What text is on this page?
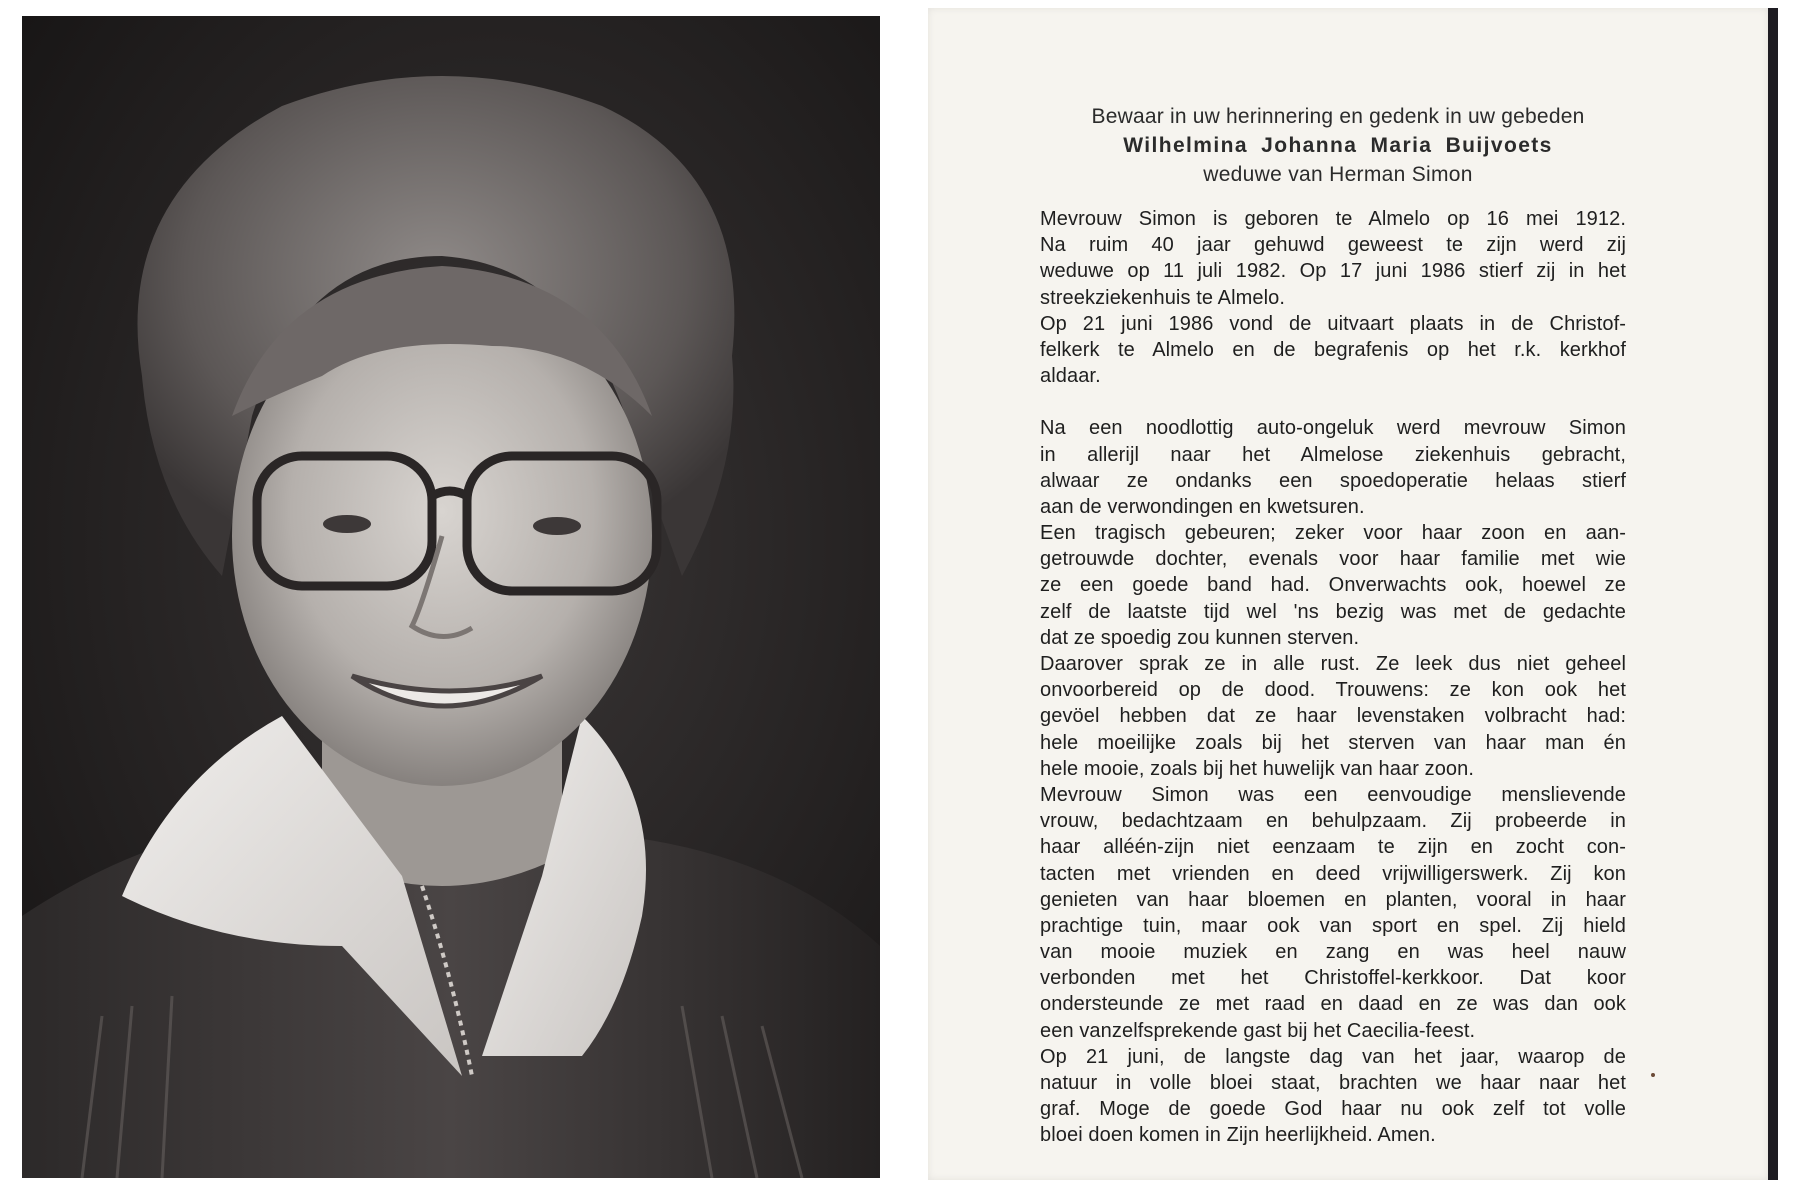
Bewaar in uw herinnering en gedenk in uw gebeden
Wilhelmina Johanna Maria Buijvoets
weduwe van Herman Simon
Mevrouw Simon is geboren te Almelo op 16 mei 1912.
Na ruim 40 jaar gehuwd geweest te zijn werd zij
weduwe op 11 juli 1982. Op 17 juni 1986 stierf zij in het
streekziekenhuis te Almelo.
Op 21 juni 1986 vond de uitvaart plaats in de Christof-
felkerk te Almelo en de begrafenis op het r.k. kerkhof
aldaar.
Na een noodlottig auto-ongeluk werd mevrouw Simon
in allerijl naar het Almelose ziekenhuis gebracht,
alwaar ze ondanks een spoedoperatie helaas stierf
aan de verwondingen en kwetsuren.
Een tragisch gebeuren; zeker voor haar zoon en aan-
getrouwde dochter, evenals voor haar familie met wie
ze een goede band had. Onverwachts ook, hoewel ze
zelf de laatste tijd wel 'ns bezig was met de gedachte
dat ze spoedig zou kunnen sterven.
Daarover sprak ze in alle rust. Ze leek dus niet geheel
onvoorbereid op de dood. Trouwens: ze kon ook het
gevöel hebben dat ze haar levenstaken volbracht had:
hele moeilijke zoals bij het sterven van haar man én
hele mooie, zoals bij het huwelijk van haar zoon.
Mevrouw Simon was een eenvoudige menslievende
vrouw, bedachtzaam en behulpzaam. Zij probeerde in
haar alléén-zijn niet eenzaam te zijn en zocht con-
tacten met vrienden en deed vrijwilligerswerk. Zij kon
genieten van haar bloemen en planten, vooral in haar
prachtige tuin, maar ook van sport en spel. Zij hield
van mooie muziek en zang en was heel nauw
verbonden met het Christoffel-kerkkoor. Dat koor
ondersteunde ze met raad en daad en ze was dan ook
een vanzelfsprekende gast bij het Caecilia-feest.
Op 21 juni, de langste dag van het jaar, waarop de
natuur in volle bloei staat, brachten we haar naar het
graf. Moge de goede God haar nu ook zelf tot volle
bloei doen komen in Zijn heerlijkheid. Amen.
